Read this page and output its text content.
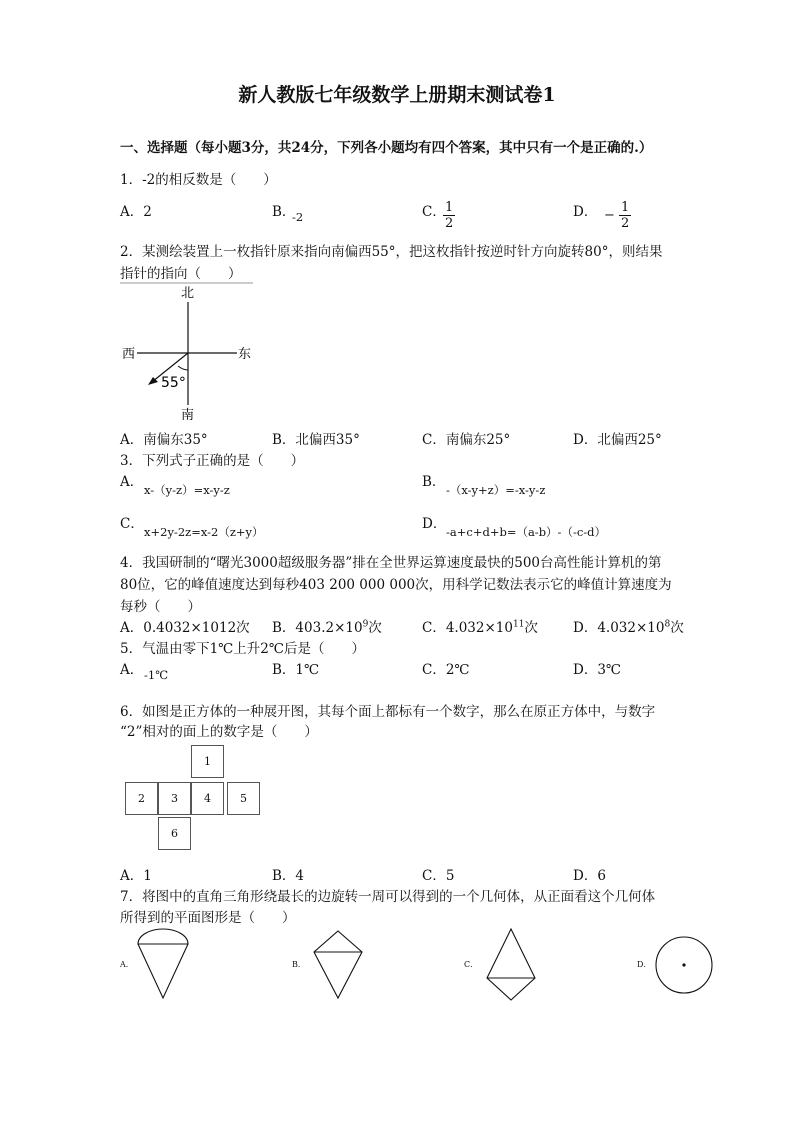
新人教版七年级数学上册期末测试卷1
一、选择题（每小题3分，共24分，下列各小题均有四个答案，其中只有一个是正确的.）
1．-2的相反数是（　　）
A．2	B．
-2	C．
$\frac{1}{2}$	D． − $\frac{1}{2}$
2．某测绘装置上一枚指针原来指向南偏西55°，把这枚指针按逆时针方向旋转80°，则结果
指针的指向（　　）
北
南
西	东
55°
A．南偏东35°	B．北偏西35°	C．南偏东25°	D．北偏西25°
3．下列式子正确的是（　　）
A． x-（y-z）=x-y-z	B． -（x-y+z）=-x-y-z
C． x+2y-2z=x-2（z+y）	D． -a+c+d+b=（a-b）-（-c-d）
4．我国研制的“曙光3000超级服务器”排在全世界运算速度最快的500台高性能计算机的第
80位，它的峰值速度达到每秒403 200 000 000次，用科学记数法表示它的峰值计算速度为
每秒（　　）
A．0.4032×1012次 B．$403.2\times 10^9$次	C．$4.032\times 10^{11}$次	D．$4.032\times 10^8$次
5．气温由零下1℃上升2℃后是（　　）
A． -1℃	B．1℃	C．2℃	D．3℃
6．如图是正方体的一种展开图，其每个面上都标有一个数字，那么在原正方体中，与数字
“2”相对的面上的数字是（　　）
1
2	3	4	5
6
A．1	B．4	C．5	D．6
7．将图中的直角三角形绕最长的边旋转一周可以得到的一个几何体，从正面看这个几何体
所得到的平面图形是（　　）
A．	B．	C．	D．
